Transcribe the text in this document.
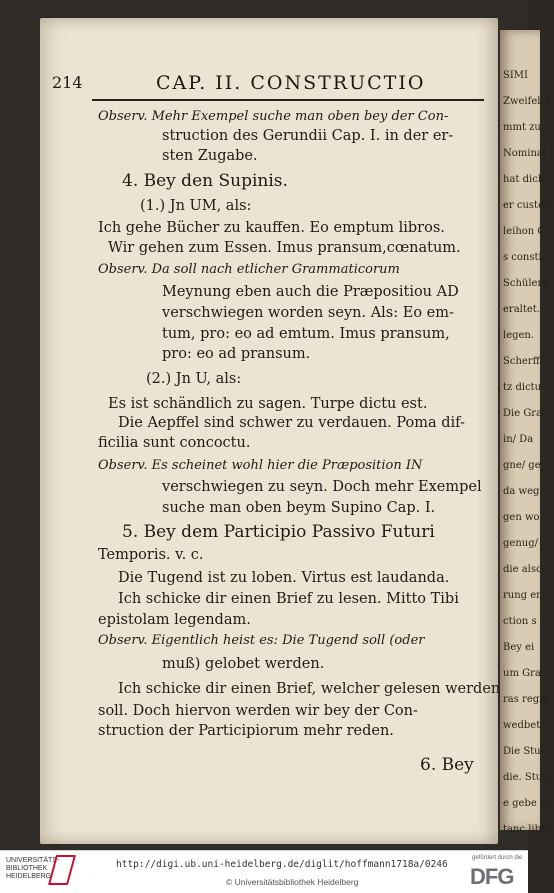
SIMI
Zweifelsf
mmt zu
Nominat
hat dich
er custod
leihon G
s consti
Schülern
eraltet.
legen.
Scherffu
tz dictu
Die Gra
in/ Da
gne/ ge
da weg
gen wo
genug/
die also
rung er
ction s
Bey ei
um Gra
ras regie
wedbet
Die Stud
die. Studi
e gebe dir
tanc libru
214	CAP. II. CONSTRUCTIO
Observ. Mehr Exempel suche man oben bey der Con-
struction des Gerundii Cap. I. in der er-
sten Zugabe.
4. Bey den Supinis.
(1.) Jn UM, als:
Ich gehe Bücher zu kauffen. Eo emptum libros.
Wir gehen zum Essen. Imus pransum,cœnatum.
Observ. Da soll nach etlicher Grammaticorum
Meynung eben auch die Præpositiou AD
verschwiegen worden seyn. Als: Eo em-
tum, pro: eo ad emtum. Imus pransum,
pro: eo ad pransum.
(2.) Jn U, als:
Es ist schändlich zu sagen. Turpe dictu est.
Die Aepffel sind schwer zu verdauen. Poma dif-
ficilia sunt concoctu.
Observ. Es scheinet wohl hier die Præposition IN
verschwiegen zu seyn. Doch mehr Exempel
suche man oben beym Supino Cap. I.
5. Bey dem Participio Passivo Futuri
Temporis. v. c.
Die Tugend ist zu loben. Virtus est laudanda.
Ich schicke dir einen Brief zu lesen. Mitto Tibi
epistolam legendam.
Observ. Eigentlich heist es: Die Tugend soll (oder
muß) gelobet werden.
Ich schicke dir einen Brief, welcher gelesen werden
soll. Doch hiervon werden wir bey der Con-
struction der Participiorum mehr reden.
6. Bey
UNIVERSITÄTS-
BIBLIOTHEK
HEIDELBERG
http://digi.ub.uni-heidelberg.de/diglit/hoffmann1718a/0246
© Universitätsbibliothek Heidelberg
gefördert durch die
DFG
